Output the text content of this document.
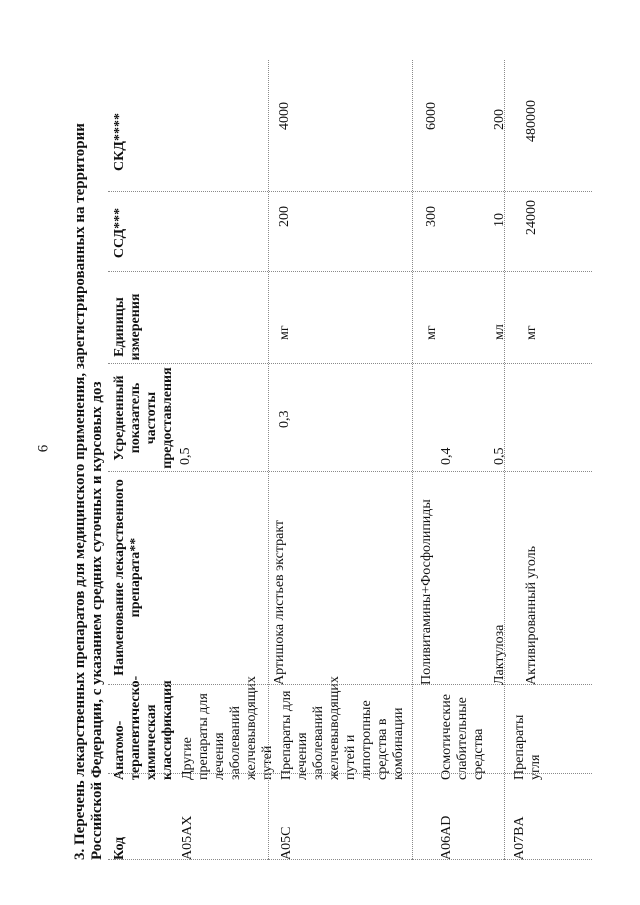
6 3. Перечень лекарственных препаратов для медицинского применения, зарегистрированных на территории Российской Федерации, с указанием средних суточных и курсовых доз Код
Анатомо-терапевтическо-химическая классификация
Наименование лекарственного препарата**
Усредненный показатель частоты предоставления
Единицы измерения
ССД***
СКД****
A05AX
Другие препараты для лечения заболеваний желчевыводящих путей
0,5
Артишока листьев экстракт
0,3
мг
200
4000
A05C
Препараты для лечения заболеваний желчевыводящих путей и липотропные средства в комбинации
Поливитамины+Фосфолипиды
мг
300
6000
A06AD
Осмотические слабительные средства
0,4
Лактулоза
0,5
мл
10
200
A07BA
Препараты угля
Активированный уголь
мг
24000
480000
